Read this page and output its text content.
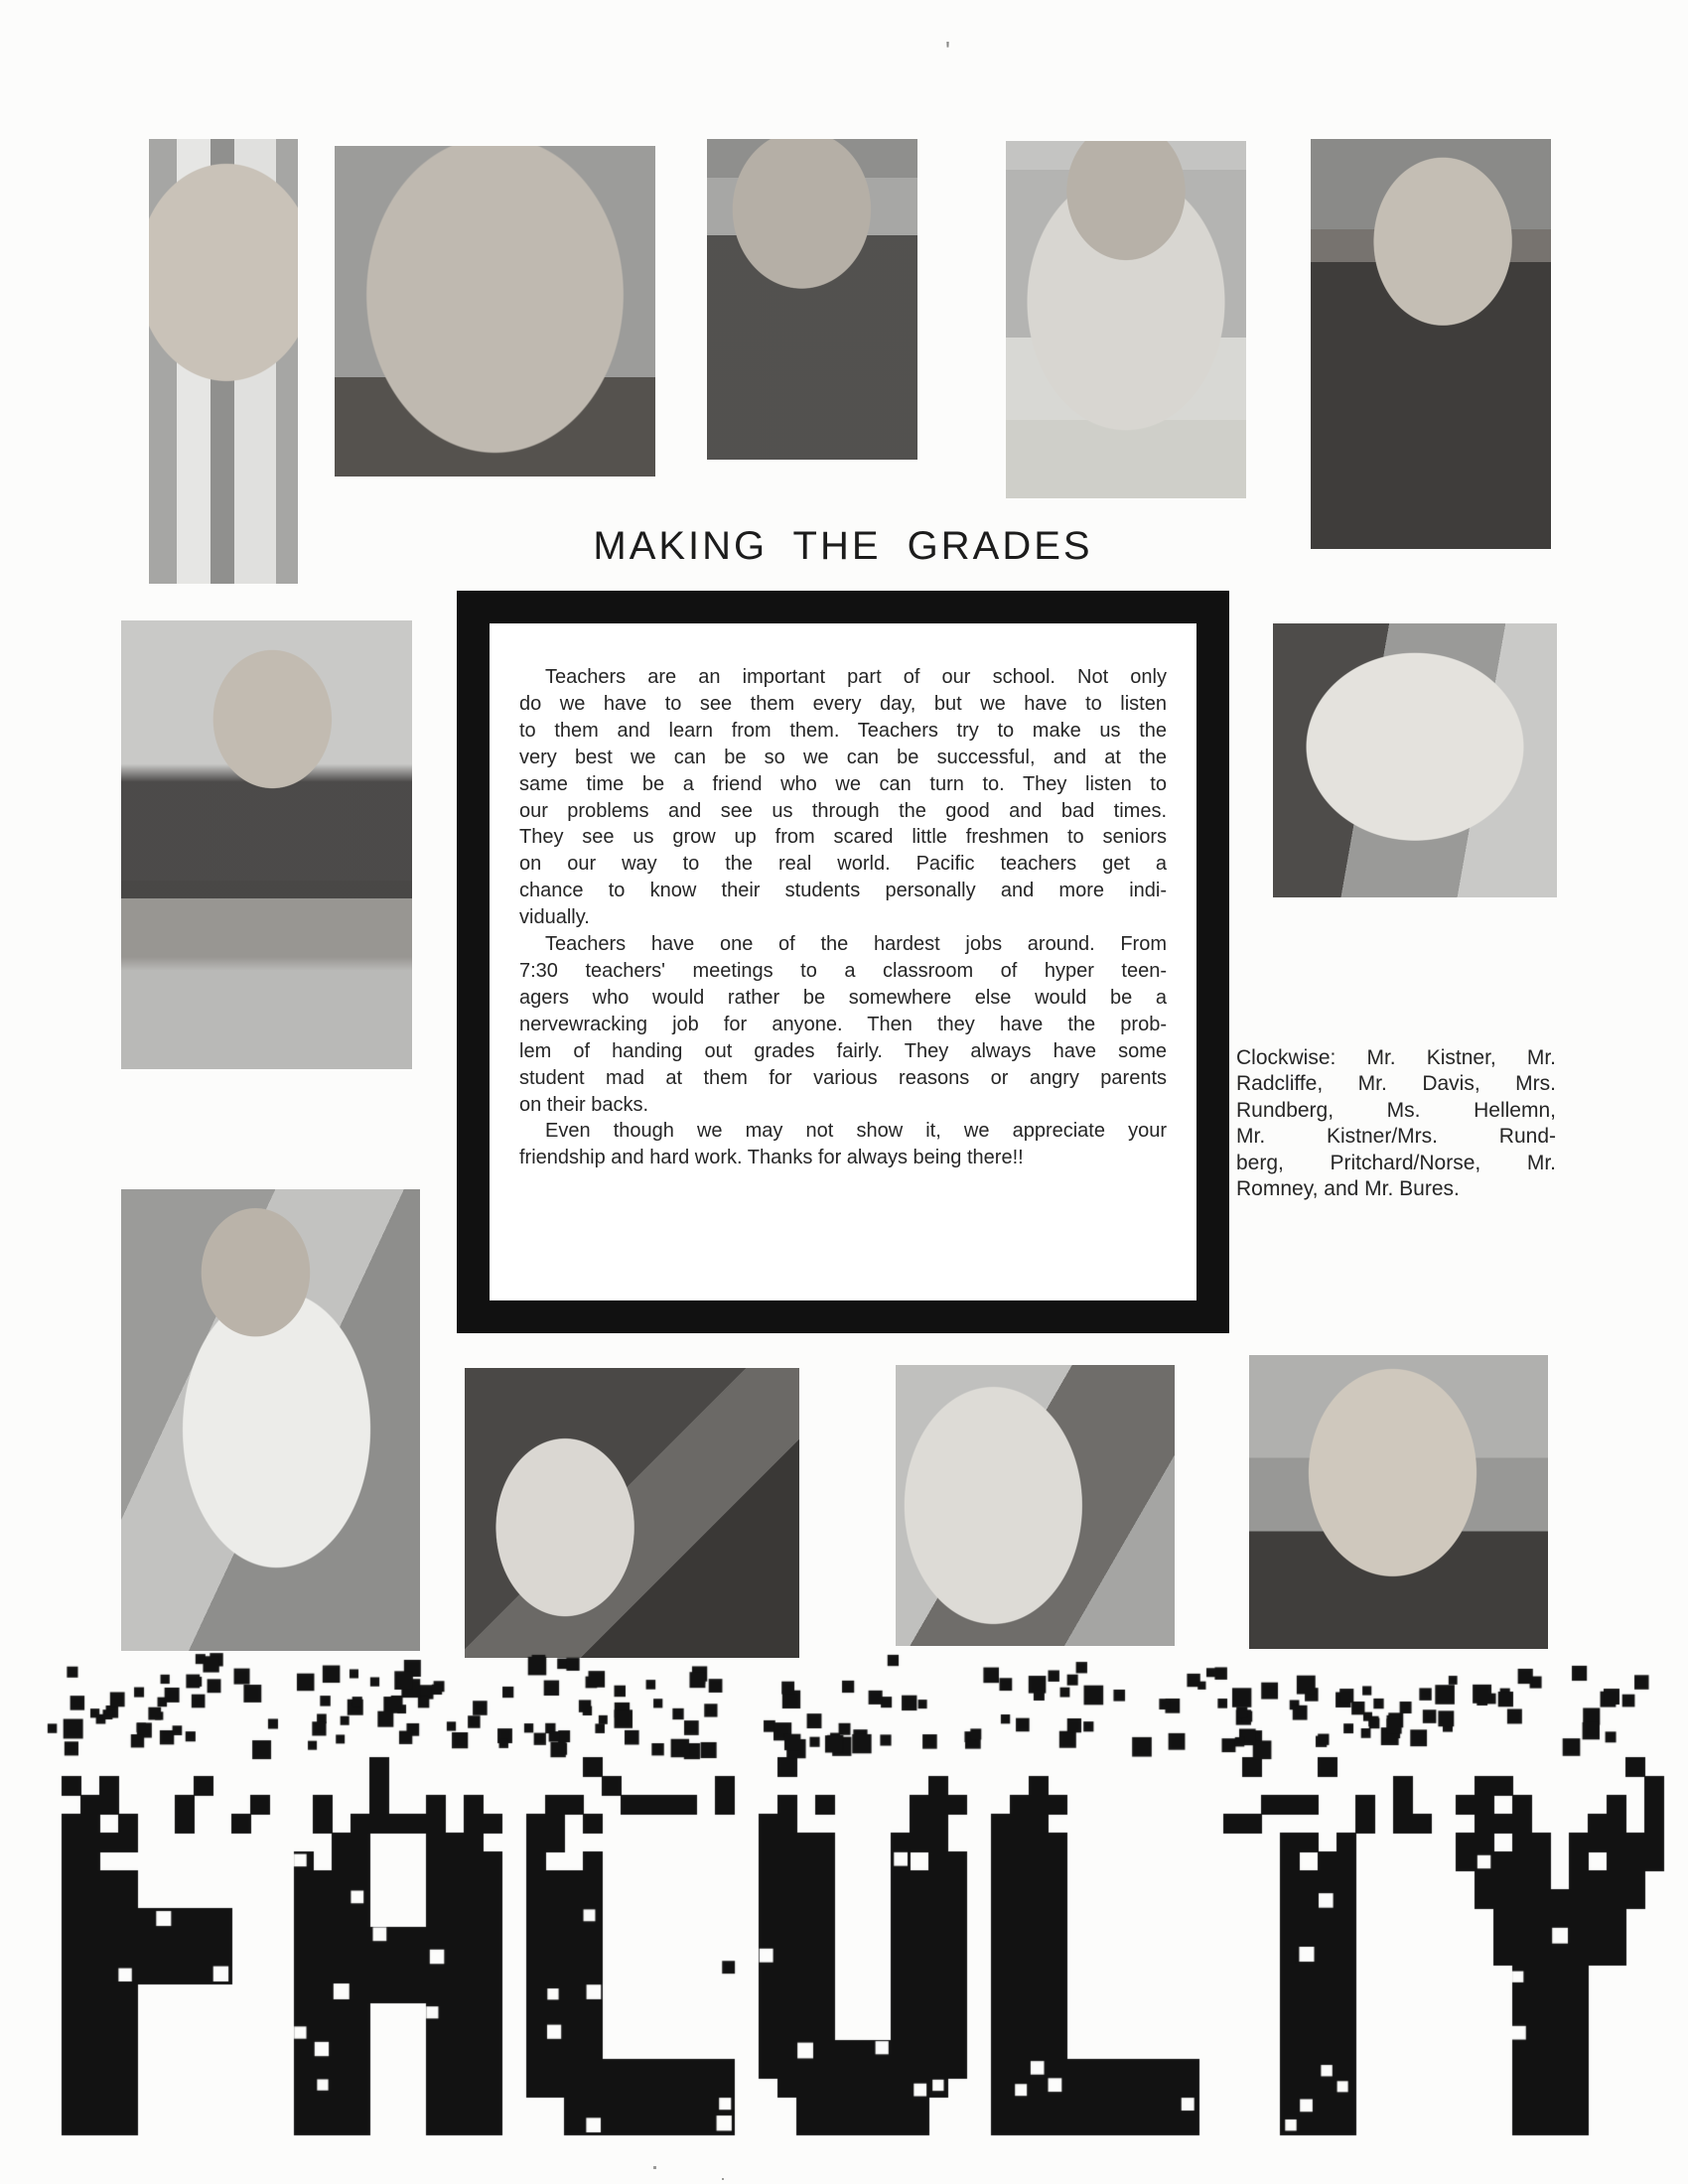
MAKING THE GRADES
Teachers are an important part of our school. Not only
do we have to see them every day, but we have to listen
to them and learn from them. Teachers try to make us the
very best we can be so we can be successful, and at the
same time be a friend who we can turn to. They listen to
our problems and see us through the good and bad times.
They see us grow up from scared little freshmen to seniors
on our way to the real world. Pacific teachers get a
chance to know their students personally and more indi-
vidually.
Teachers have one of the hardest jobs around. From
7:30 teachers' meetings to a classroom of hyper teen-
agers who would rather be somewhere else would be a
nervewracking job for anyone. Then they have the prob-
lem of handing out grades fairly. They always have some
student mad at them for various reasons or angry parents
on their backs.
Even though we may not show it, we appreciate your
friendship and hard work. Thanks for always being there!!
Clockwise: Mr. Kistner, Mr.
Radcliffe, Mr. Davis, Mrs.
Rundberg, Ms. Hellemn,
Mr. Kistner/Mrs. Rund-
berg, Pritchard/Norse, Mr.
Romney, and Mr. Bures.
'
